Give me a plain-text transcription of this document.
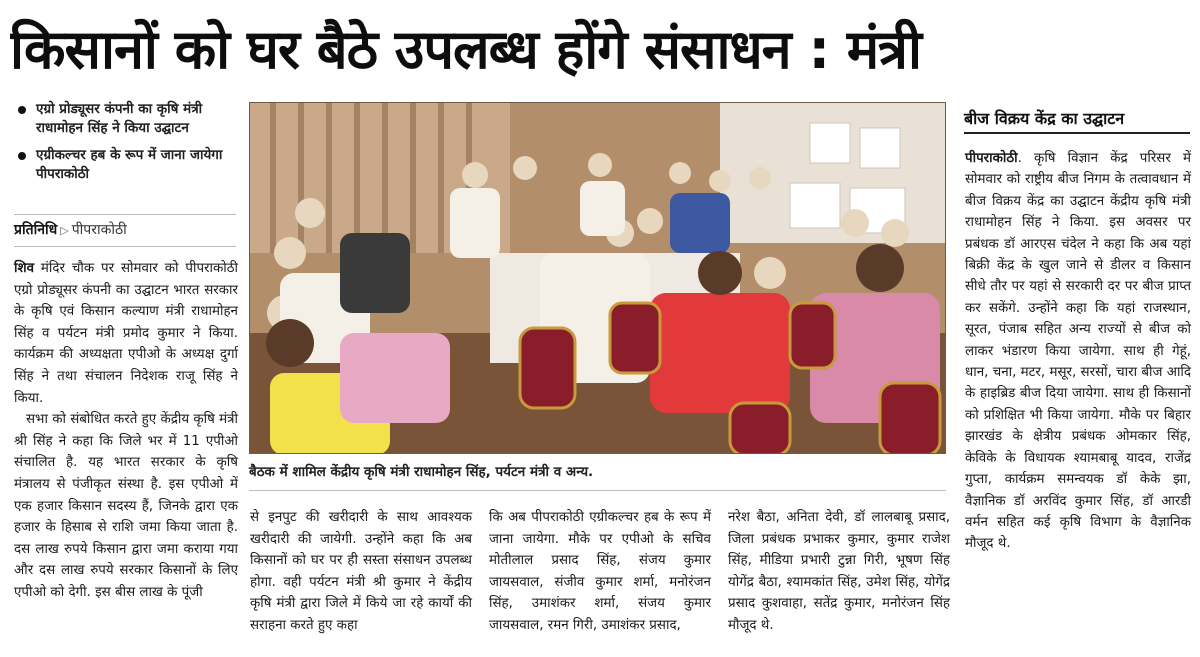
किसानों को घर बैठे उपलब्ध होंगे संसाधन : मंत्री
एग्रो प्रोड्यूसर कंपनी का कृषि मंत्री राधामोहन सिंह ने किया उद्घाटन
एग्रीकल्चर हब के रूप में जाना जायेगा पीपराकोठी
प्रतिनिधि ▷ पीपराकोठी

शिव मंदिर चौक पर सोमवार को पीपराकोठी एग्रो प्रोड्यूसर कंपनी का उद्घाटन भारत सरकार के कृषि एवं किसान कल्याण मंत्री राधामोहन सिंह व पर्यटन मंत्री प्रमोद कुमार ने किया. कार्यक्रम की अध्यक्षता एपीओ के अध्यक्ष दुर्गा सिंह ने तथा संचालन निदेशक राजू सिंह ने किया.

सभा को संबोधित करते हुए केंद्रीय कृषि मंत्री श्री सिंह ने कहा कि जिले भर में 11 एपीओ संचालित है. यह भारत सरकार के कृषि मंत्रालय से पंजीकृत संस्था है. इस एपीओ में एक हजार किसान सदस्य हैं, जिनके द्वारा एक हजार के हिसाब से राशि जमा किया जाता है. दस लाख रुपये किसान द्वारा जमा कराया गया और दस लाख रुपये सरकार किसानों के लिए एपीओ को देगी. इस बीस लाख के पूंजी

बैठक में शामिल केंद्रीय कृषि मंत्री राधामोहन सिंह, पर्यटन मंत्री व अन्य.

से इनपुट की खरीदारी के साथ आवश्यक खरीदारी की जायेगी. उन्होंने कहा कि अब किसानों को घर पर ही सस्ता संसाधन उपलब्ध होगा. वही पर्यटन मंत्री श्री कुमार ने केंद्रीय कृषि मंत्री द्वारा जिले में किये जा रहे कार्यों की सराहना करते हुए कहा

कि अब पीपराकोठी एग्रीकल्चर हब के रूप में जाना जायेगा. मौके पर एपीओ के सचिव मोतीलाल प्रसाद सिंह, संजय कुमार जायसवाल, संजीव कुमार शर्मा, मनोरंजन सिंह, उमाशंकर शर्मा, संजय कुमार जायसवाल, रमन गिरी, उमाशंकर प्रसाद,

नरेश बैठा, अनिता देवी, डॉ लालबाबू प्रसाद, जिला प्रबंधक प्रभाकर कुमार, कुमार राजेश सिंह, मीडिया प्रभारी टुन्ना गिरी, भूषण सिंह योगेंद्र बैठा, श्यामकांत सिंह, उमेश सिंह, योगेंद्र प्रसाद कुशवाहा, सतेंद्र कुमार, मनोरंजन सिंह मौजूद थे.

बीज विक्रय केंद्र का उद्घाटन

पीपराकोठी. कृषि विज्ञान केंद्र परिसर में सोमवार को राष्ट्रीय बीज निगम के तत्वावधान में बीज विक्रय केंद्र का उद्घाटन केंद्रीय कृषि मंत्री राधामोहन सिंह ने किया. इस अवसर पर प्रबंधक डॉ आरएस चंदेल ने कहा कि अब यहां बिक्री केंद्र के खुल जाने से डीलर व किसान सीधे तौर पर यहां से सरकारी दर पर बीज प्राप्त कर सकेंगे. उन्होंने कहा कि यहां राजस्थान, सूरत, पंजाब सहित अन्य राज्यों से बीज को लाकर भंडारण किया जायेगा. साथ ही गेहूं, धान, चना, मटर, मसूर, सरसों, चारा बीज आदि के हाइब्रिड बीज दिया जायेगा. साथ ही किसानों को प्रशिक्षित भी किया जायेगा. मौके पर बिहार झारखंड के क्षेत्रीय प्रबंधक ओमकार सिंह, केविके के विधायक श्यामबाबू यादव, राजेंद्र गुप्ता, कार्यक्रम समन्वयक डॉ केके झा, वैज्ञानिक डॉ अरविंद कुमार सिंह, डॉ आरडी वर्मन सहित कई कृषि विभाग के वैज्ञानिक मौजूद थे.
